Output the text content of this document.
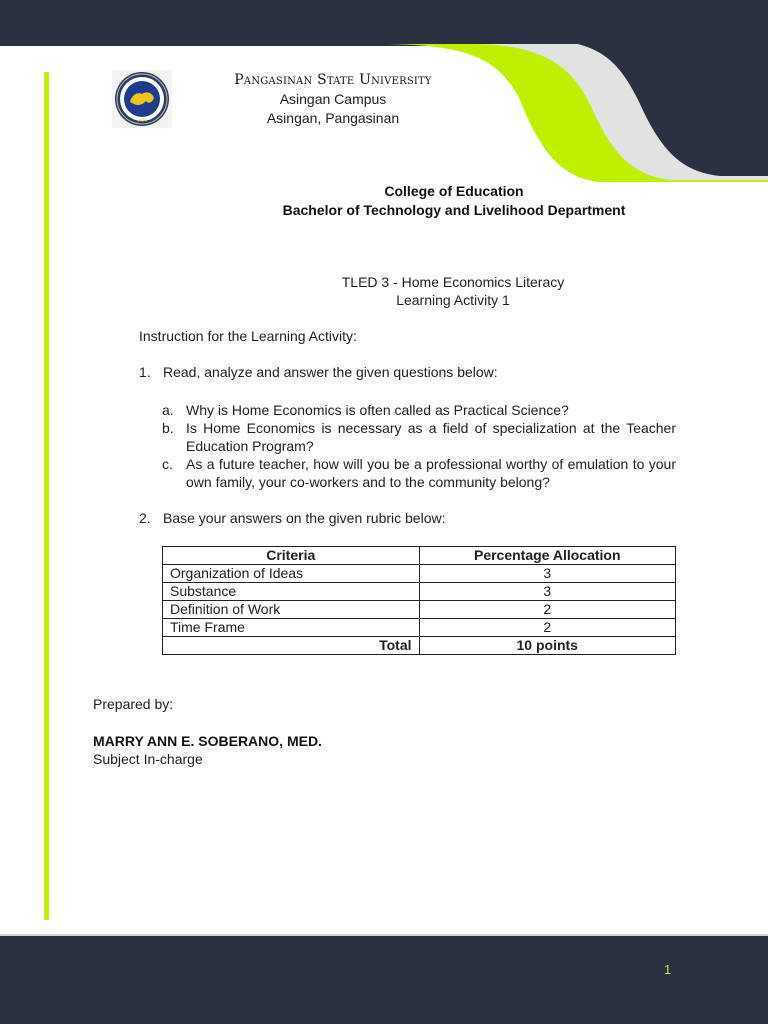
1979
Pangasinan State University
Asingan Campus
Asingan, Pangasinan
College of Education
Bachelor of Technology and Livelihood Department
TLED 3 - Home Economics Literacy
Learning Activity 1
Instruction for the Learning Activity:
1. Read, analyze and answer the given questions below:
a. Why is Home Economics is often called as Practical Science?
b. Is Home Economics is necessary as a field of specialization at the Teacher Education Program?
c. As a future teacher, how will you be a professional worthy of emulation to your own family, your co-workers and to the community belong?
2. Base your answers on the given rubric below:
Criteria	Percentage Allocation
Organization of Ideas	3
Substance	3
Definition of Work	2
Time Frame	2
Total	10 points
Prepared by:
MARRY ANN E. SOBERANO, MED.
Subject In-charge
1
